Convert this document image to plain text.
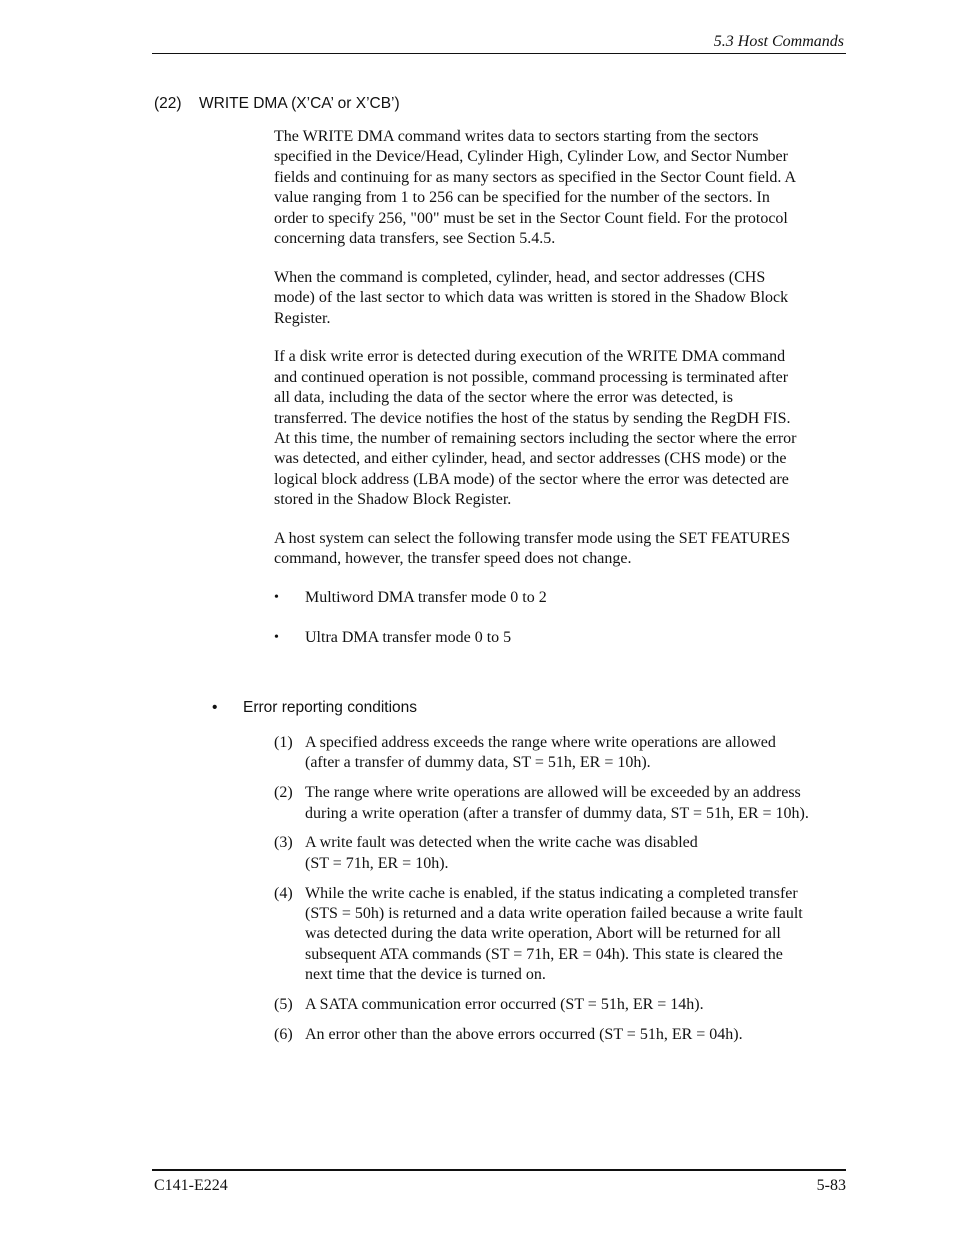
5.3 Host Commands
(22) WRITE DMA (X’CA’ or X’CB’)

The WRITE DMA command writes data to sectors starting from the sectors
specified in the Device/Head, Cylinder High, Cylinder Low, and Sector Number
fields and continuing for as many sectors as specified in the Sector Count field. A
value ranging from 1 to 256 can be specified for the number of the sectors. In
order to specify 256, "00" must be set in the Sector Count field. For the protocol
concerning data transfers, see Section 5.4.5.

When the command is completed, cylinder, head, and sector addresses (CHS
mode) of the last sector to which data was written is stored in the Shadow Block
Register.

If a disk write error is detected during execution of the WRITE DMA command
and continued operation is not possible, command processing is terminated after
all data, including the data of the sector where the error was detected, is
transferred. The device notifies the host of the status by sending the RegDH FIS.
At this time, the number of remaining sectors including the sector where the error
was detected, and either cylinder, head, and sector addresses (CHS mode) or the
logical block address (LBA mode) of the sector where the error was detected are
stored in the Shadow Block Register.

A host system can select the following transfer mode using the SET FEATURES
command, however, the transfer speed does not change.

• Multiword DMA transfer mode 0 to 2
• Ultra DMA transfer mode 0 to 5
• Error reporting conditions
(1) A specified address exceeds the range where write operations are allowed
(after a transfer of dummy data, ST = 51h, ER = 10h).
(2) The range where write operations are allowed will be exceeded by an address
during a write operation (after a transfer of dummy data, ST = 51h, ER = 10h).
(3) A write fault was detected when the write cache was disabled
(ST = 71h, ER = 10h).
(4) While the write cache is enabled, if the status indicating a completed transfer
(STS = 50h) is returned and a data write operation failed because a write fault
was detected during the data write operation, Abort will be returned for all
subsequent ATA commands (ST = 71h, ER = 04h). This state is cleared the
next time that the device is turned on.
(5) A SATA communication error occurred (ST = 51h, ER = 14h).
(6) An error other than the above errors occurred (ST = 51h, ER = 04h).
C141-E224	5-83
